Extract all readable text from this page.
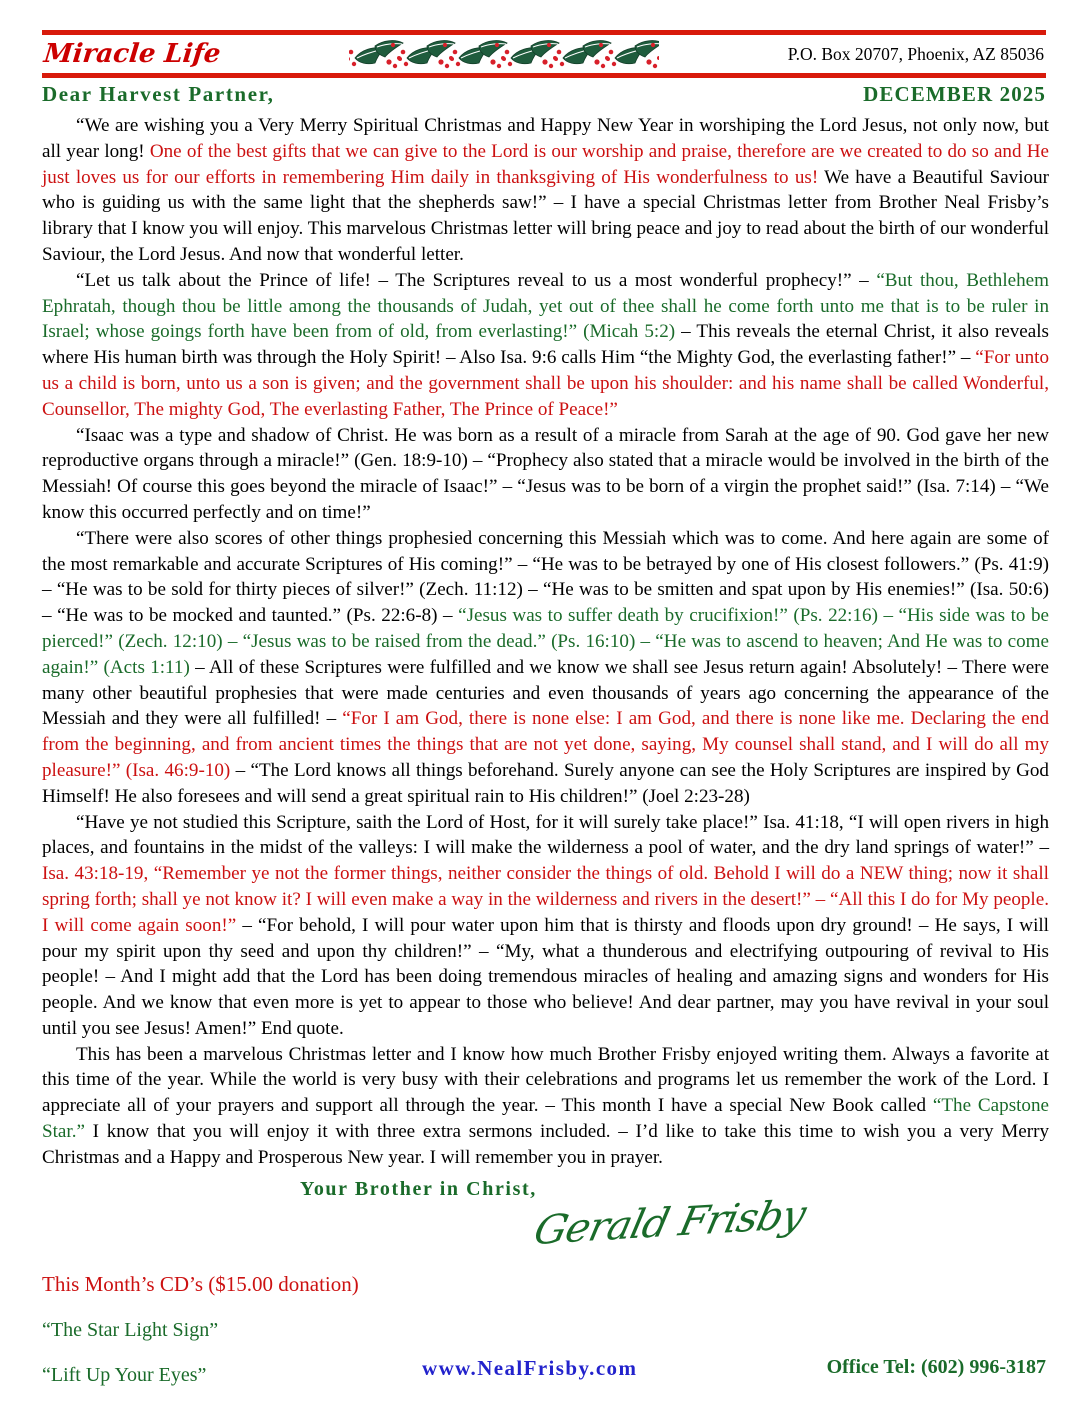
Miracle Life	P.O. Box 20707, Phoenix, AZ 85036
Dear Harvest Partner,	DECEMBER 2025

“We are wishing you a Very Merry Spiritual Christmas and Happy New Year in worshiping the Lord Jesus, not only now, but all year long! One of the best gifts that we can give to the Lord is our worship and praise, therefore are we created to do so and He just loves us for our efforts in remembering Him daily in thanksgiving of His wonderfulness to us! We have a Beautiful Saviour who is guiding us with the same light that the shepherds saw!” – I have a special Christmas letter from Brother Neal Frisby’s library that I know you will enjoy. This marvelous Christmas letter will bring peace and joy to read about the birth of our wonderful Saviour, the Lord Jesus. And now that wonderful letter.

“Let us talk about the Prince of life! – The Scriptures reveal to us a most wonderful prophecy!” – “But thou, Bethlehem Ephratah, though thou be little among the thousands of Judah, yet out of thee shall he come forth unto me that is to be ruler in Israel; whose goings forth have been from of old, from everlasting!” (Micah 5:2) – This reveals the eternal Christ, it also reveals where His human birth was through the Holy Spirit! – Also Isa. 9:6 calls Him “the Mighty God, the everlasting father!” – “For unto us a child is born, unto us a son is given; and the government shall be upon his shoulder: and his name shall be called Wonderful, Counsellor, The mighty God, The everlasting Father, The Prince of Peace!”

“Isaac was a type and shadow of Christ. He was born as a result of a miracle from Sarah at the age of 90. God gave her new reproductive organs through a miracle!” (Gen. 18:9-10) – “Prophecy also stated that a miracle would be involved in the birth of the Messiah! Of course this goes beyond the miracle of Isaac!” – “Jesus was to be born of a virgin the prophet said!” (Isa. 7:14) – “We know this occurred perfectly and on time!”

“There were also scores of other things prophesied concerning this Messiah which was to come. And here again are some of the most remarkable and accurate Scriptures of His coming!” – “He was to be betrayed by one of His closest followers.” (Ps. 41:9) – “He was to be sold for thirty pieces of silver!” (Zech. 11:12) – “He was to be smitten and spat upon by His enemies!” (Isa. 50:6) – “He was to be mocked and taunted.” (Ps. 22:6-8) – “Jesus was to suffer death by crucifixion!” (Ps. 22:16) – “His side was to be pierced!” (Zech. 12:10) – “Jesus was to be raised from the dead.” (Ps. 16:10) – “He was to ascend to heaven; And He was to come again!” (Acts 1:11) – All of these Scriptures were fulfilled and we know we shall see Jesus return again! Absolutely! – There were many other beautiful prophesies that were made centuries and even thousands of years ago concerning the appearance of the Messiah and they were all fulfilled! – “For I am God, there is none else: I am God, and there is none like me. Declaring the end from the beginning, and from ancient times the things that are not yet done, saying, My counsel shall stand, and I will do all my pleasure!” (Isa. 46:9-10) – “The Lord knows all things beforehand. Surely anyone can see the Holy Scriptures are inspired by God Himself! He also foresees and will send a great spiritual rain to His children!” (Joel 2:23-28)

“Have ye not studied this Scripture, saith the Lord of Host, for it will surely take place!” Isa. 41:18, “I will open rivers in high places, and fountains in the midst of the valleys: I will make the wilderness a pool of water, and the dry land springs of water!” – Isa. 43:18-19, “Remember ye not the former things, neither consider the things of old. Behold I will do a NEW thing; now it shall spring forth; shall ye not know it? I will even make a way in the wilderness and rivers in the desert!” – “All this I do for My people. I will come again soon!” – “For behold, I will pour water upon him that is thirsty and floods upon dry ground! – He says, I will pour my spirit upon thy seed and upon thy children!” – “My, what a thunderous and electrifying outpouring of revival to His people! – And I might add that the Lord has been doing tremendous miracles of healing and amazing signs and wonders for His people. And we know that even more is yet to appear to those who believe! And dear partner, may you have revival in your soul until you see Jesus! Amen!” End quote.

This has been a marvelous Christmas letter and I know how much Brother Frisby enjoyed writing them. Always a favorite at this time of the year. While the world is very busy with their celebrations and programs let us remember the work of the Lord. I appreciate all of your prayers and support all through the year. – This month I have a special New Book called “The Capstone Star.” I know that you will enjoy it with three extra sermons included. – I’d like to take this time to wish you a very Merry Christmas and a Happy and Prosperous New year. I will remember you in prayer.

Your Brother in Christ,
Gerald Frisby
This Month’s CD’s ($15.00 donation)
“The Star Light Sign”
“Lift Up Your Eyes”	www.NealFrisby.com	Office Tel: (602) 996-3187
